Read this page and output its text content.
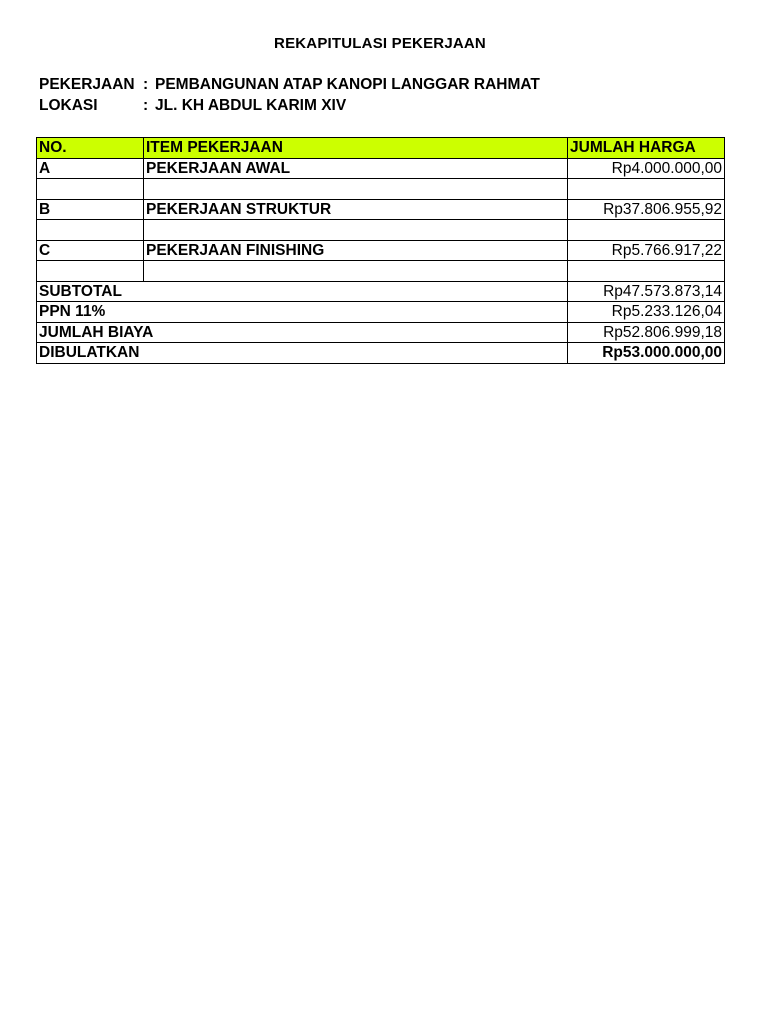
REKAPITULASI PEKERJAAN
PEKERJAAN : PEMBANGUNAN ATAP KANOPI LANGGAR RAHMAT
LOKASI	: JL. KH ABDUL KARIM XIV
NO.	ITEM PEKERJAAN	JUMLAH HARGA
A	PEKERJAAN AWAL	Rp4.000.000,00

B	PEKERJAAN STRUKTUR	Rp37.806.955,92

C	PEKERJAAN FINISHING	Rp5.766.917,22

SUBTOTAL		Rp47.573.873,14
PPN 11%		Rp5.233.126,04
JUMLAH BIAYA		Rp52.806.999,18
DIBULATKAN		Rp53.000.000,00
